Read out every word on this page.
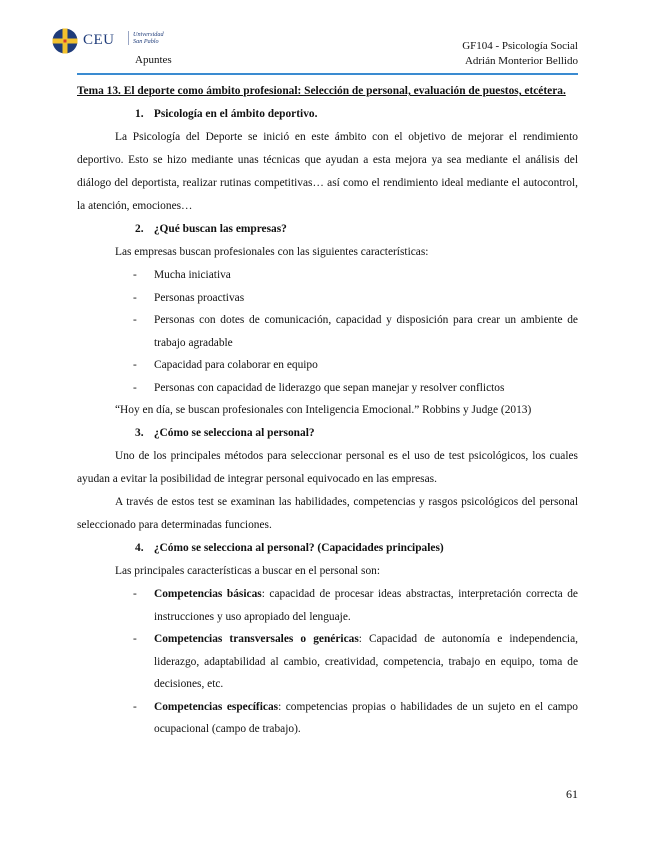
CEU	Universidad
San Pablo
Apuntes
GF104 - Psicología Social
Adrián Monterior Bellido

Tema 13. El deporte como ámbito profesional: Selección de personal, evaluación de puestos, etcétera.

1. Psicología en el ámbito deportivo.

La Psicología del Deporte se inició en este ámbito con el objetivo de mejorar el rendimiento deportivo. Esto se hizo mediante unas técnicas que ayudan a esta mejora ya sea mediante el análisis del diálogo del deportista, realizar rutinas competitivas… así como el rendimiento ideal mediante el autocontrol, la atención, emociones…

2. ¿Qué buscan las empresas?

Las empresas buscan profesionales con las siguientes características:

- Mucha iniciativa
- Personas proactivas
- Personas con dotes de comunicación, capacidad y disposición para crear un ambiente de trabajo agradable
- Capacidad para colaborar en equipo
- Personas con capacidad de liderazgo que sepan manejar y resolver conflictos

“Hoy en día, se buscan profesionales con Inteligencia Emocional.” Robbins y Judge (2013)

3. ¿Cómo se selecciona al personal?

Uno de los principales métodos para seleccionar personal es el uso de test psicológicos, los cuales ayudan a evitar la posibilidad de integrar personal equivocado en las empresas.

A través de estos test se examinan las habilidades, competencias y rasgos psicológicos del personal seleccionado para determinadas funciones.

4. ¿Cómo se selecciona al personal? (Capacidades principales)

Las principales características a buscar en el personal son:

- Competencias básicas: capacidad de procesar ideas abstractas, interpretación correcta de instrucciones y uso apropiado del lenguaje.
- Competencias transversales o genéricas: Capacidad de autonomía e independencia, liderazgo, adaptabilidad al cambio, creatividad, competencia, trabajo en equipo, toma de decisiones, etc.
- Competencias específicas: competencias propias o habilidades de un sujeto en el campo ocupacional (campo de trabajo).
61
